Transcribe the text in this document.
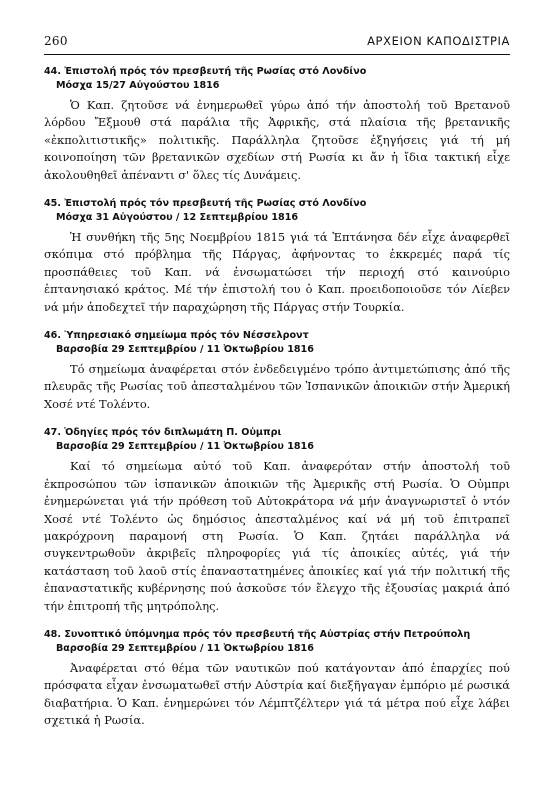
260	ΑΡΧΕΙΟΝ ΚΑΠΟΔΙΣΤΡΙΑ
44. Ἐπιστολή πρός τόν πρεσβευτή τῆς Ρωσίας στό Λονδίνο
Μόσχα 15/27 Αὐγούστου 1816

Ὁ Καπ. ζητοῦσε νά ἐνημερωθεῖ γύρω ἀπό τήν ἀποστολή τοῦ Βρετανοῦ λόρδου Ἔξμουθ στά παράλια τῆς Ἀφρικῆς, στά πλαίσια τῆς βρετανικῆς «ἐκπολιτιστικῆς» πολιτικῆς. Παράλληλα ζητοῦσε ἐξηγήσεις γιά τή μή κοινοποίηση τῶν βρετανικῶν σχεδίων στή Ρωσία κι ἄν ἡ ἴδια τακτική εἶχε ἀκολουθηθεῖ ἀπέναντι σ' ὅλες τίς Δυνάμεις.

45. Ἐπιστολή πρός τόν πρεσβευτή τῆς Ρωσίας στό Λονδίνο
Μόσχα 31 Αὐγούστου / 12 Σεπτεμβρίου 1816

Ἡ συνθήκη τῆς 5ης Νοεμβρίου 1815 γιά τά Ἑπτάνησα δέν εἶχε ἀναφερθεῖ σκόπιμα στό πρόβλημα τῆς Πάργας, ἀφήνοντας το ἐκκρεμές παρά τίς προσπάθειες τοῦ Καπ. νά ἐνσωματώσει τήν περιοχή στό καινούριο ἑπτανησιακό κράτος. Μέ τήν ἐπιστολή του ὁ Καπ. προειδοποιοῦσε τόν Λίεβεν νά μήν ἀποδεχτεῖ τήν παραχώρηση τῆς Πάργας στήν Τουρκία.

46. Ὑπηρεσιακό σημείωμα πρός τόν Νέσσελροντ
Βαρσοβία 29 Σεπτεμβρίου / 11 Ὀκτωβρίου 1816

Τό σημείωμα ἀναφέρεται στόν ἐνδεδειγμένο τρόπο ἀντιμετώπισης ἀπό τῆς πλευρᾶς τῆς Ρωσίας τοῦ ἀπεσταλμένου τῶν Ἰσπανικῶν ἀποικιῶν στήν Ἀμερική Χοσέ ντέ Τολέντο.

47. Ὁδηγίες πρός τόν διπλωμάτη Π. Οὐμπρι
Βαρσοβία 29 Σεπτεμβρίου / 11 Ὀκτωβρίου 1816

Καί τό σημείωμα αὐτό τοῦ Καπ. ἀναφερόταν στήν ἀποστολή τοῦ ἐκπροσώπου τῶν ἰσπανικῶν ἀποικιῶν τῆς Ἀμερικῆς στή Ρωσία. Ὁ Οὐμπρι ἐνημερώνεται γιά τήν πρόθεση τοῦ Αὐτοκράτορα νά μήν ἀναγνωριστεῖ ὁ ντόν Χοσέ ντέ Τολέντο ὡς δημόσιος ἀπεσταλμένος καί νά μή τοῦ ἐπιτραπεῖ μακρόχρονη παραμονή στη Ρωσία. Ὁ Καπ. ζητάει παράλληλα νά συγκεντρωθοῦν ἀκριβεῖς πληροφορίες γιά τίς ἀποικίες αὐτές, γιά τήν κατάσταση τοῦ λαοῦ στίς ἐπαναστατημένες ἀποικίες καί γιά τήν πολιτική τῆς ἐπαναστατικῆς κυβέρνησης πού ἀσκοῦσε τόν ἔλεγχο τῆς ἐξουσίας μακριά ἀπό τήν ἐπιτροπή τῆς μητρόπολης.

48. Συνοπτικό ὑπόμνημα πρός τόν πρεσβευτή τῆς Αὐστρίας στήν Πετρούπολη
Βαρσοβία 29 Σεπτεμβρίου / 11 Ὀκτωβρίου 1816

Ἀναφέρεται στό θέμα τῶν ναυτικῶν πού κατάγονταν ἀπό ἐπαρχίες πού πρόσφατα εἶχαν ἐνσωματωθεῖ στήν Αὐστρία καί διεξῆγαγαν ἐμπόριο μέ ρωσικά διαβατήρια. Ὁ Καπ. ἐνημερώνει τόν Λέμπτζέλτερν γιά τά μέτρα πού εἶχε λάβει σχετικά ἡ Ρωσία.
